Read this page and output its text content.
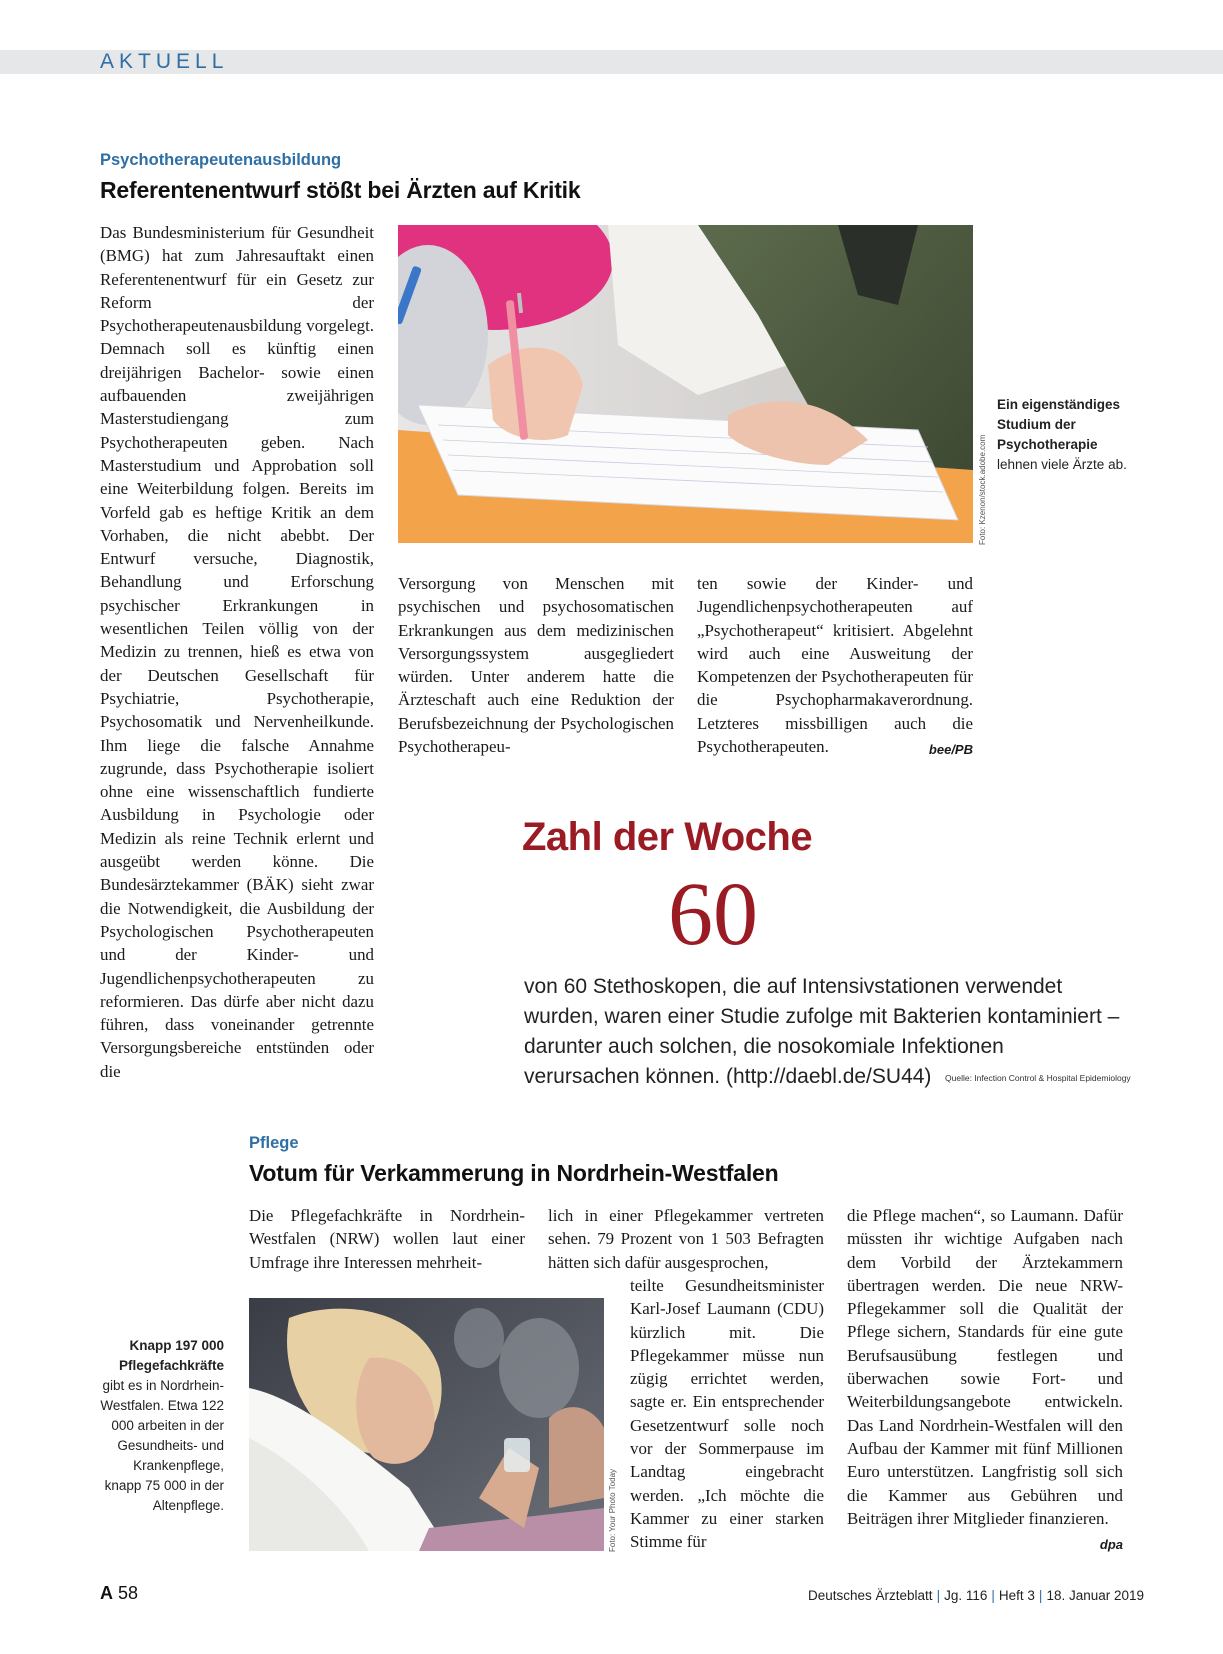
AKTUELL
Psychotherapeutenausbildung
Referentenentwurf stößt bei Ärzten auf Kritik

Das Bundesministerium für Gesundheit (BMG) hat zum Jahresauftakt einen Referentenentwurf für ein Gesetz zur Reform der Psychotherapeutenausbildung vorgelegt. Demnach soll es künftig einen dreijährigen Bachelor- sowie einen aufbauenden zweijährigen Masterstudiengang zum Psychotherapeuten geben. Nach Masterstudium und Approbation soll eine Weiterbildung folgen. Bereits im Vorfeld gab es heftige Kritik an dem Vorhaben, die nicht abebbt. Der Entwurf versuche, Diagnostik, Behandlung und Erforschung psychischer Erkrankungen in wesentlichen Teilen völlig von der Medizin zu trennen, hieß es etwa von der Deutschen Gesellschaft für Psychiatrie, Psychotherapie, Psychosomatik und Nervenheilkunde. Ihm liege die falsche Annahme zugrunde, dass Psychotherapie isoliert ohne eine wissenschaftlich fundierte Ausbildung in Psychologie oder Medizin als reine Technik erlernt und ausgeübt werden könne. Die Bundesärztekammer (BÄK) sieht zwar die Notwendigkeit, die Ausbildung der Psychologischen Psychotherapeuten und der Kinder- und Jugendlichenpsychotherapeuten zu reformieren. Das dürfe aber nicht dazu führen, dass voneinander getrennte Versorgungsbereiche entstünden oder die

Foto: Kzenon/stock.adobe.com
Ein eigenständiges Studium der Psychotherapie lehnen viele Ärzte ab.

Versorgung von Menschen mit psychischen und psychosomatischen Erkrankungen aus dem medizinischen Versorgungssystem ausgegliedert würden. Unter anderem hatte die Ärzteschaft auch eine Reduktion der Berufsbezeichnung der Psychologischen Psychotherapeu-

ten sowie der Kinder- und Jugendlichenpsychotherapeuten auf „Psychotherapeut“ kritisiert. Abgelehnt wird auch eine Ausweitung der Kompetenzen der Psychotherapeuten für die Psychopharmakaverordnung. Letzteres missbilligen auch die Psychotherapeuten.	bee/PB

Zahl der Woche
60
von 60 Stethoskopen, die auf Intensivstationen verwendet wurden, waren einer Studie zufolge mit Bakterien kontaminiert – darunter auch solchen, die nosokomiale Infektionen verursachen können. (http://daebl.de/SU44)	Quelle: Infection Control & Hospital Epidemiology
Pflege
Votum für Verkammerung in Nordrhein-Westfalen

Die Pflegefachkräfte in Nordrhein-Westfalen (NRW) wollen laut einer Umfrage ihre Interessen mehrheit-

lich in einer Pflegekammer vertreten sehen. 79 Prozent von 1 503 Befragten hätten sich dafür ausgesprochen,

teilte Gesundheitsminister Karl-Josef Laumann (CDU) kürzlich mit. Die Pflegekammer müsse nun zügig errichtet werden, sagte er. Ein entsprechender Gesetzentwurf solle noch vor der Sommerpause im Landtag eingebracht werden. „Ich möchte die Kammer zu einer starken Stimme für

die Pflege machen“, so Laumann. Dafür müssten ihr wichtige Aufgaben nach dem Vorbild der Ärztekammern übertragen werden. Die neue NRW-Pflegekammer soll die Qualität der Pflege sichern, Standards für eine gute Berufsausübung festlegen und überwachen sowie Fort- und Weiterbildungsangebote entwickeln. Das Land Nordrhein-Westfalen will den Aufbau der Kammer mit fünf Millionen Euro unterstützen. Langfristig soll sich die Kammer aus Gebühren und Beiträgen ihrer Mitglieder finanzieren.
dpa

Foto: Your Photo Today
Knapp 197 000 Pflegefachkräfte gibt es in Nordrhein-Westfalen. Etwa 122 000 arbeiten in der Gesundheits- und Krankenpflege, knapp 75 000 in der Altenpflege.
A 58	Deutsches Ärzteblatt | Jg. 116 | Heft 3 | 18. Januar 2019
